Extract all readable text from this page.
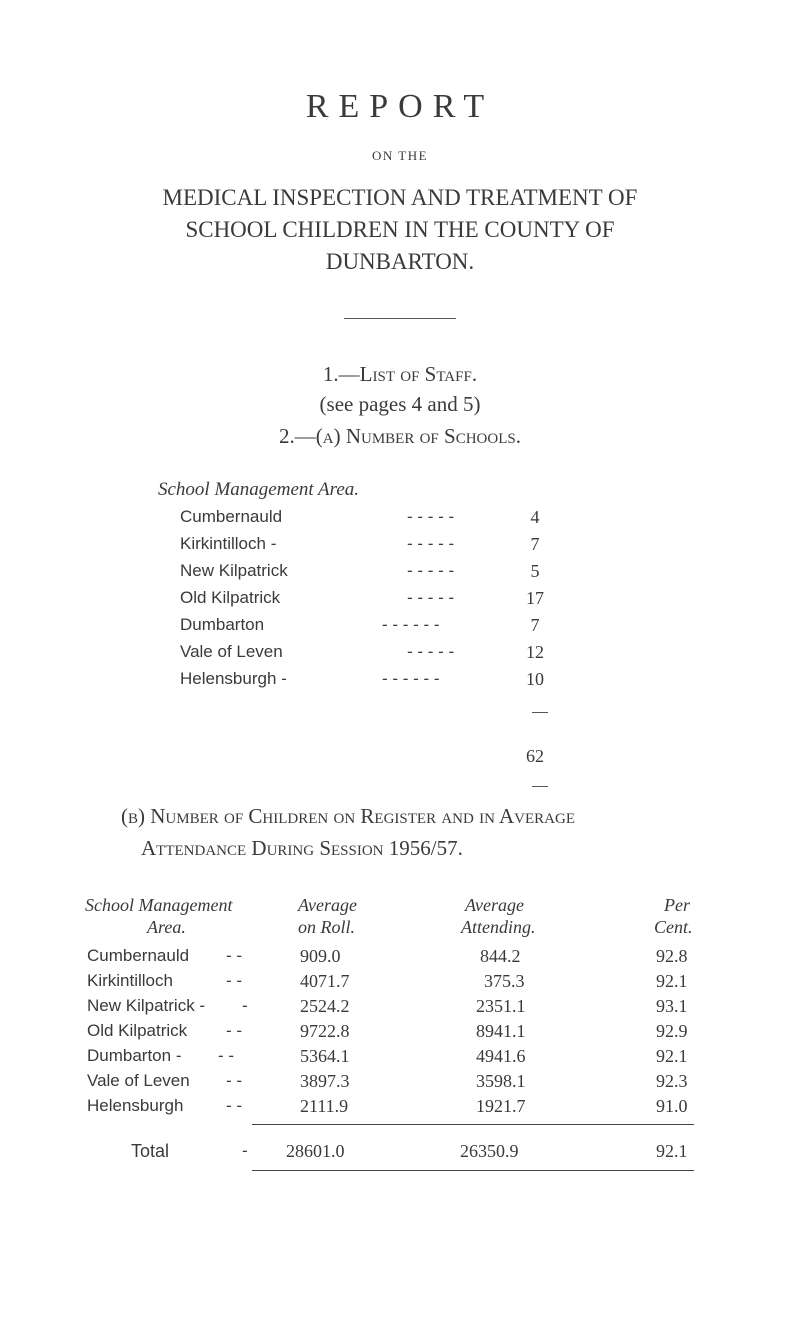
REPORT
ON THE
MEDICAL INSPECTION AND TREATMENT OF
SCHOOL CHILDREN IN THE COUNTY OF
DUNBARTON.
1.—List of Staff.
(see pages 4 and 5)
2.—(a) Number of Schools.
School Management Area.
Cumbernauld	- - - - -	4
Kirkintilloch -	- - - - -	7
New Kilpatrick	- - - - -	5
Old Kilpatrick	- - - - -	17
Dumbarton	- - - - - -	7
Vale of Leven	- - - - -	12
Helensburgh -	- - - - - -	10
62
(b) Number of Children on Register and in Average
Attendance During Session 1956/57.
School Management
Area.
Average
on Roll.
Average
Attending.
Per
Cent.
Cumbernauld - -	909.0	844.2	92.8
Kirkintilloch	- -	4071.7	375.3	92.1
New Kilpatrick - -	2524.2	2351.1	93.1
Old Kilpatrick - -	9722.8	8941.1	92.9
Dumbarton - - -	5364.1	4941.6	92.1
Vale of Leven - -	3897.3	3598.1	92.3
Helensburgh	- -	2111.9	1921.7	91.0
Total	- 28601.0	26350.9	92.1
